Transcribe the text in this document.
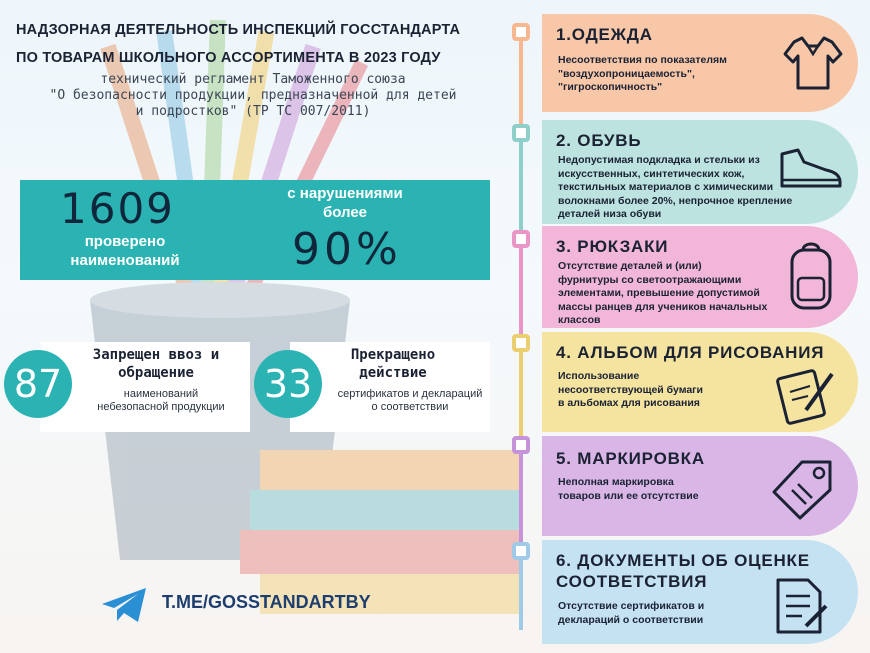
НАДЗОРНАЯ ДЕЯТЕЛЬНОСТЬ ИНСПЕКЦИЙ ГОССТАНДАРТА
ПО ТОВАРАМ ШКОЛЬНОГО АССОРТИМЕНТА В 2023 ГОДУ
технический регламент Таможенного союза
"О безопасности продукции, предназначенной для детей
и подростков" (ТР ТС 007/2011)
1609
проверено
наименований
с нарушениями
более
90%
87
Запрещен ввоз и
обращение
наименований
небезопасной продукции
33
Прекращено
действие
сертификатов и деклараций
о соответствии
T.ME/GOSSTANDARTBY
1.ОДЕЖДА
Несоответствия по показателям
"воздухопроницаемость",
"гигроскопичность"
2. ОБУВЬ
Недопустимая подкладка и стельки из
искусственных, синтетических кож,
текстильных материалов с химическими
волокнами более 20%, непрочное крепление
деталей низа обуви
3. РЮКЗАКИ
Отсутствие деталей и (или)
фурнитуры со светоотражающими
элементами, превышение допустимой
массы ранцев для учеников начальных
классов
4. АЛЬБОМ ДЛЯ РИСОВАНИЯ
Использование
несоответствующей бумаги
в альбомах для рисования
5. МАРКИРОВКА
Неполная маркировка
товаров или ее отсутствие
6. ДОКУМЕНТЫ ОБ ОЦЕНКЕ
СООТВЕТСТВИЯ
Отсутствие сертификатов и
деклараций о соответствии
